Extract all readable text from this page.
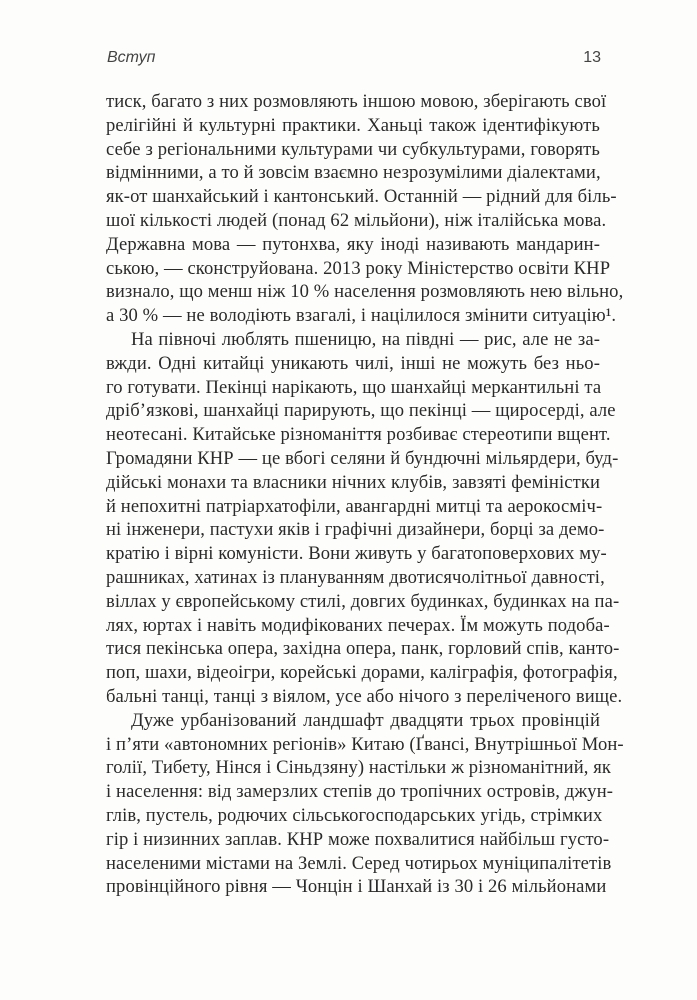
Вступ	13
тиск, багато з них розмовляють іншою мовою, зберігають свої
релігійні й культурні практики. Ханьці також ідентифікують
себе з регіональними культурами чи субкультурами, говорять
відмінними, а то й зовсім взаємно незрозумілими діалектами,
як-от шанхайський і кантонський. Останній — рідний для біль-
шої кількості людей (понад 62 мільйони), ніж італійська мова.
Державна мова — путонхва, яку іноді називають мандарин-
ською, — сконструйована. 2013 року Міністерство освіти КНР
визнало, що менш ніж 10 % населення розмовляють нею вільно,
а 30 % — не володіють взагалі, і націлилося змінити ситуацію¹.
На півночі люблять пшеницю, на півдні — рис, але не за-
вжди. Одні китайці уникають чилі, інші не можуть без ньо-
го готувати. Пекінці нарікають, що шанхайці меркантильні та
дріб’язкові, шанхайці парирують, що пекінці — щиросерді, але
неотесані. Китайське різноманіття розбиває стереотипи вщент.
Громадяни КНР — це вбогі селяни й бундючні мільярдери, буд-
дійські монахи та власники нічних клубів, завзяті феміністки
й непохитні патріархатофіли, авангардні митці та аерокосміч-
ні інженери, пастухи яків і графічні дизайнери, борці за демо-
кратію і вірні комуністи. Вони живуть у багатоповерхових му-
рашниках, хатинах із плануванням двотисячолітньої давності,
віллах у європейському стилі, довгих будинках, будинках на па-
лях, юртах і навіть модифікованих печерах. Їм можуть подоба-
тися пекінська опера, західна опера, панк, горловий спів, канто-
поп, шахи, відеоігри, корейські дорами, каліграфія, фотографія,
бальні танці, танці з віялом, усе або нічого з переліченого вище.
Дуже урбанізований ландшафт двадцяти трьох провінцій
і п’яти «автономних регіонів» Китаю (Ґвансі, Внутрішньої Мон-
голії, Тибету, Нінся і Сіньдзяну) настільки ж різноманітний, як
і населення: від замерзлих степів до тропічних островів, джун-
глів, пустель, родючих сільськогосподарських угідь, стрімких
гір і низинних заплав. КНР може похвалитися найбільш густо-
населеними містами на Землі. Серед чотирьох муніципалітетів
провінційного рівня — Чонцін і Шанхай із 30 і 26 мільйонами
